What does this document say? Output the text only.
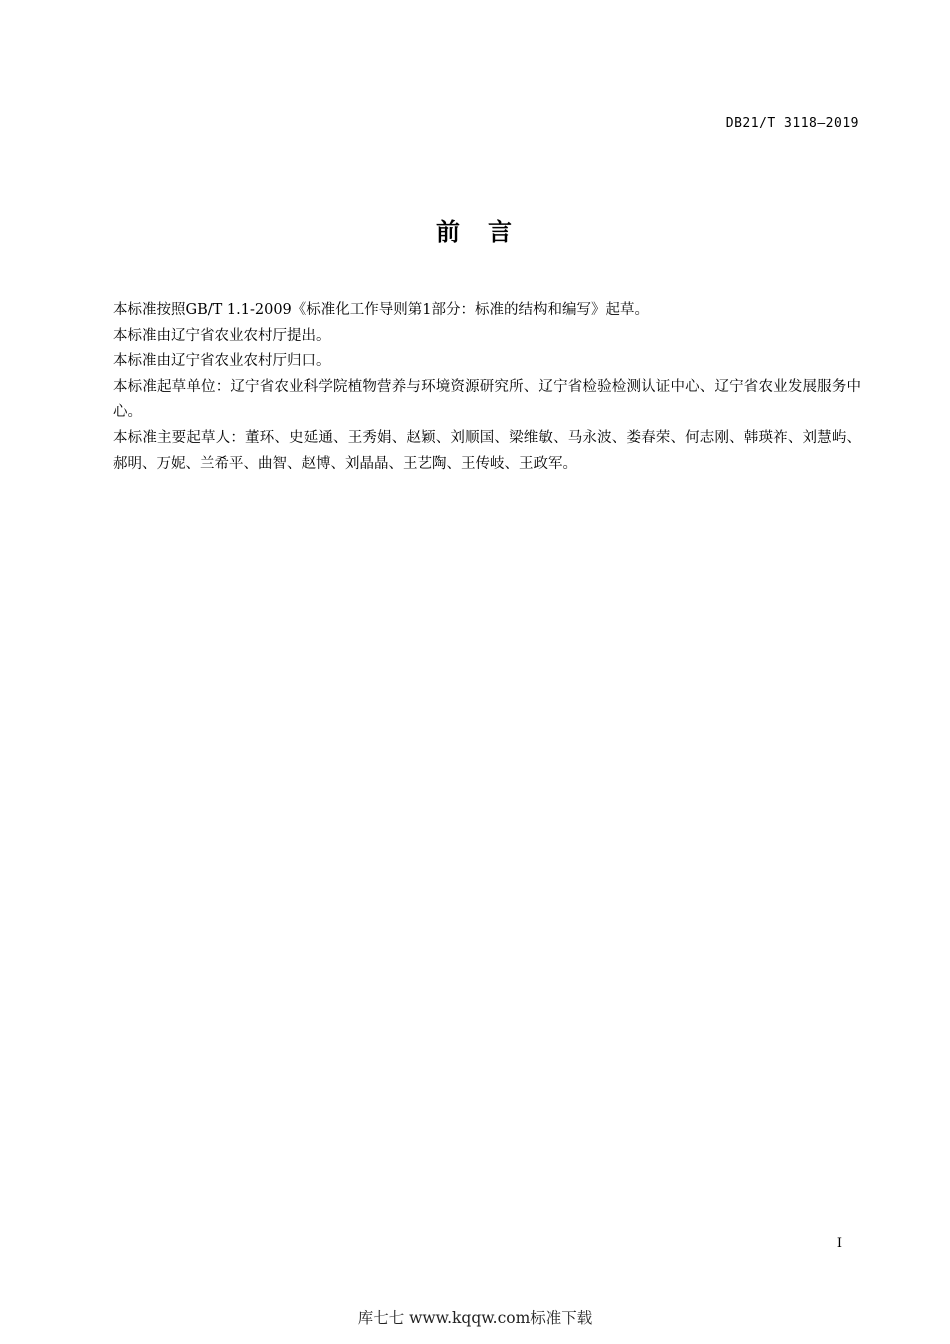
DB21/T 3118—2019
前　言

本标准按照GB/T 1.1-2009《标准化工作导则第1部分：标准的结构和编写》起草。

本标准由辽宁省农业农村厅提出。

本标准由辽宁省农业农村厅归口。

本标准起草单位：辽宁省农业科学院植物营养与环境资源研究所、辽宁省检验检测认证中心、辽宁省农业发展服务中心。

本标准主要起草人：董环、史延通、王秀娟、赵颖、刘顺国、梁维敏、马永波、娄春荣、何志刚、韩瑛祚、刘慧屿、郝明、万妮、兰希平、曲智、赵博、刘晶晶、王艺陶、王传岐、王政军。

I
库七七 www.kqqw.com标准下载
